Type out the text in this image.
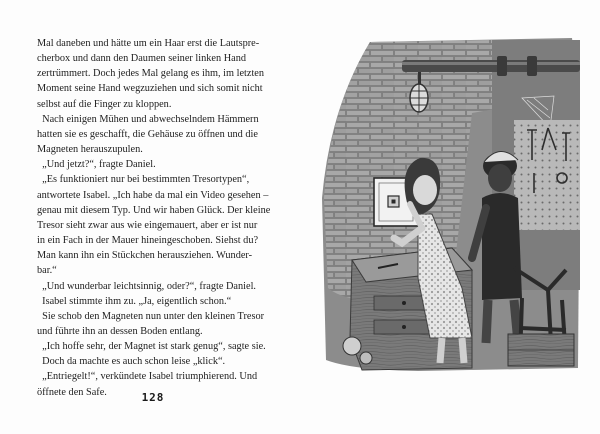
Mal daneben und hätte um ein Haar erst die Lautspre-

cherbox und dann den Daumen seiner linken Hand

zertrümmert. Doch jedes Mal gelang es ihm, im letzten

Moment seine Hand wegzuziehen und sich somit nicht

selbst auf die Finger zu kloppen.

Nach einigen Mühen und abwechselndem Hämmern

hatten sie es geschafft, die Gehäuse zu öffnen und die

Magneten herauszupulen.

„Und jetzt?“, fragte Daniel.

„Es funktioniert nur bei bestimmten Tresortypen“,

antwortete Isabel. „Ich habe da mal ein Video gesehen –

genau mit diesem Typ. Und wir haben Glück. Der kleine

Tresor sieht zwar aus wie eingemauert, aber er ist nur

in ein Fach in der Mauer hineingeschoben. Siehst du?

Man kann ihn ein Stückchen herausziehen. Wunder-

bar.“

„Und wunderbar leichtsinnig, oder?“, fragte Daniel.

Isabel stimmte ihm zu. „Ja, eigentlich schon.“

Sie schob den Magneten nun unter den kleinen Tresor

und führte ihn an dessen Boden entlang.

„Ich hoffe sehr, der Magnet ist stark genug“, sagte sie.

Doch da machte es auch schon leise „klick“.

„Entriegelt!“, verkündete Isabel triumphierend. Und

öffnete den Safe.	128
